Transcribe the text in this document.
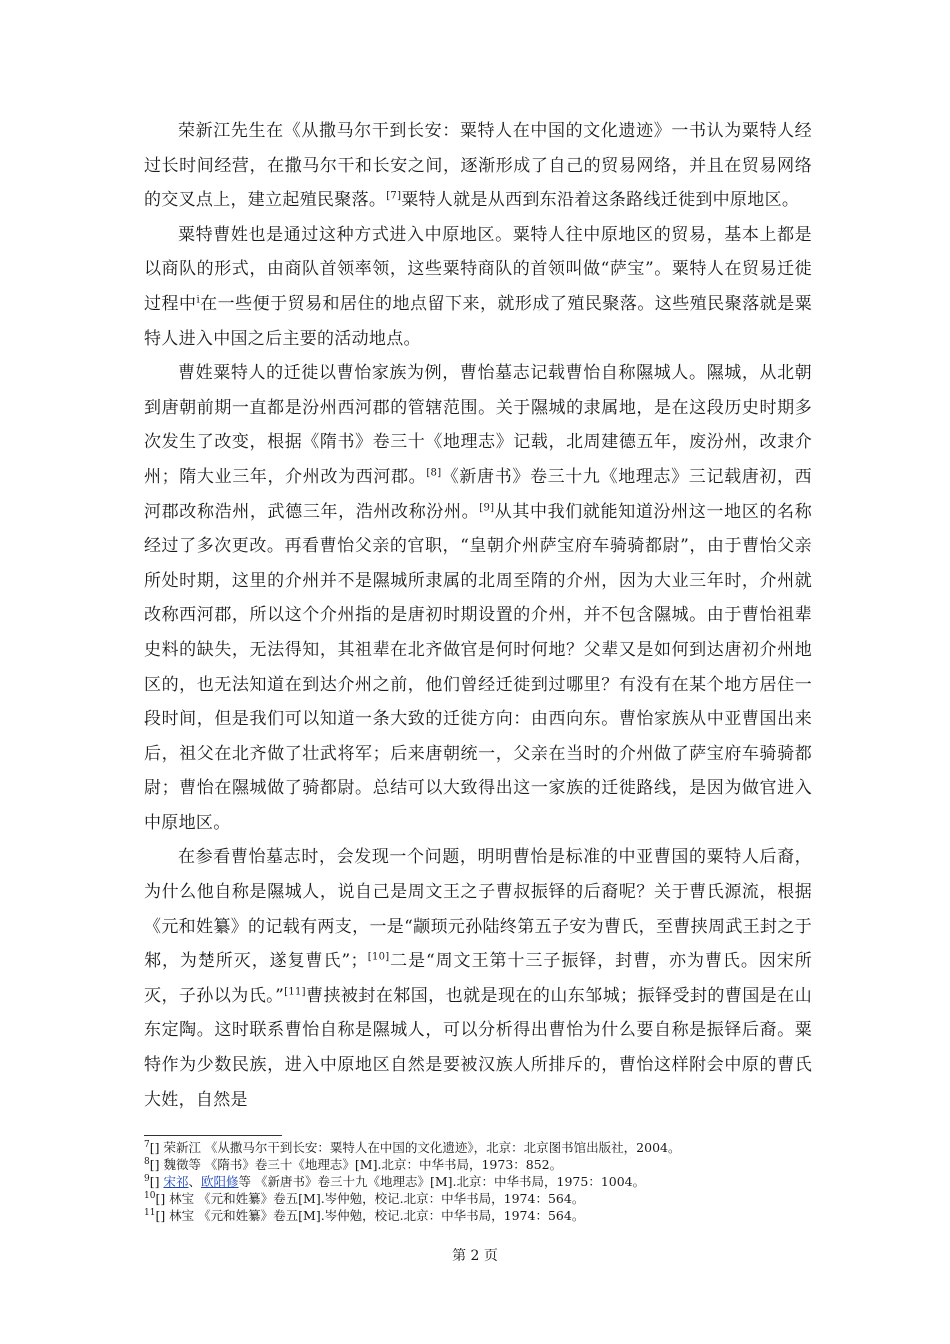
荣新江先生在《从撒马尔干到长安：粟特人在中国的文化遗迹》一书认为粟特人经过长时间经营，在撒马尔干和长安之间，逐渐形成了自己的贸易网络，并且在贸易网络的交叉点上，建立起殖民聚落。[7]粟特人就是从西到东沿着这条路线迁徙到中原地区。

粟特曹姓也是通过这种方式进入中原地区。粟特人往中原地区的贸易，基本上都是以商队的形式，由商队首领率领，这些粟特商队的首领叫做“萨宝”。粟特人在贸易迁徙过程中$^i$在一些便于贸易和居住的地点留下来，就形成了殖民聚落。这些殖民聚落就是粟特人进入中国之后主要的活动地点。

曹姓粟特人的迁徙以曹怡家族为例，曹怡墓志记载曹怡自称隰城人。隰城，从北朝到唐朝前期一直都是汾州西河郡的管辖范围。关于隰城的隶属地，是在这段历史时期多次发生了改变，根据《隋书》卷三十《地理志》记载，北周建德五年，废汾州，改隶介州；隋大业三年，介州改为西河郡。[8]《新唐书》卷三十九《地理志》三记载唐初，西河郡改称浩州，武德三年，浩州改称汾州。[9]从其中我们就能知道汾州这一地区的名称经过了多次更改。再看曹怡父亲的官职，“皇朝介州萨宝府车骑骑都尉”，由于曹怡父亲所处时期，这里的介州并不是隰城所隶属的北周至隋的介州，因为大业三年时，介州就改称西河郡，所以这个介州指的是唐初时期设置的介州，并不包含隰城。由于曹怡祖辈史料的缺失，无法得知，其祖辈在北齐做官是何时何地？父辈又是如何到达唐初介州地区的，也无法知道在到达介州之前，他们曾经迁徙到过哪里？有没有在某个地方居住一段时间，但是我们可以知道一条大致的迁徙方向：由西向东。曹怡家族从中亚曹国出来后，祖父在北齐做了壮武将军；后来唐朝统一，父亲在当时的介州做了萨宝府车骑骑都尉；曹怡在隰城做了骑都尉。总结可以大致得出这一家族的迁徙路线，是因为做官进入中原地区。

在参看曹怡墓志时，会发现一个问题，明明曹怡是标准的中亚曹国的粟特人后裔，为什么他自称是隰城人，说自己是周文王之子曹叔振铎的后裔呢？关于曹氏源流，根据《元和姓纂》的记载有两支，一是“颛顼元孙陆终第五子安为曹氏，至曹挟周武王封之于邾，为楚所灭，遂复曹氏”；[10]二是“周文王第十三子振铎，封曹，亦为曹氏。因宋所灭，子孙以为氏。”[11]曹挟被封在邾国，也就是现在的山东邹城；振铎受封的曹国是在山东定陶。这时联系曹怡自称是隰城人，可以分析得出曹怡为什么要自称是振铎后裔。粟特作为少数民族，进入中原地区自然是要被汉族人所排斥的，曹怡这样附会中原的曹氏大姓，自然是

$^7$[] 荣新江 《从撒马尔干到长安：粟特人在中国的文化遗迹》，北京：北京图书馆出版社，2004。

$^8$[] 魏徵等 《隋书》卷三十《地理志》[M].北京：中华书局，1973：852。

$^9$[] 宋祁、欧阳修等 《新唐书》卷三十九《地理志》[M].北京：中华书局，1975：1004。

$^{10}$[] 林宝 《元和姓纂》卷五[M].岑仲勉，校记.北京：中华书局，1974：564。

$^{11}$[] 林宝 《元和姓纂》卷五[M].岑仲勉，校记.北京：中华书局，1974：564。

第 2 页
